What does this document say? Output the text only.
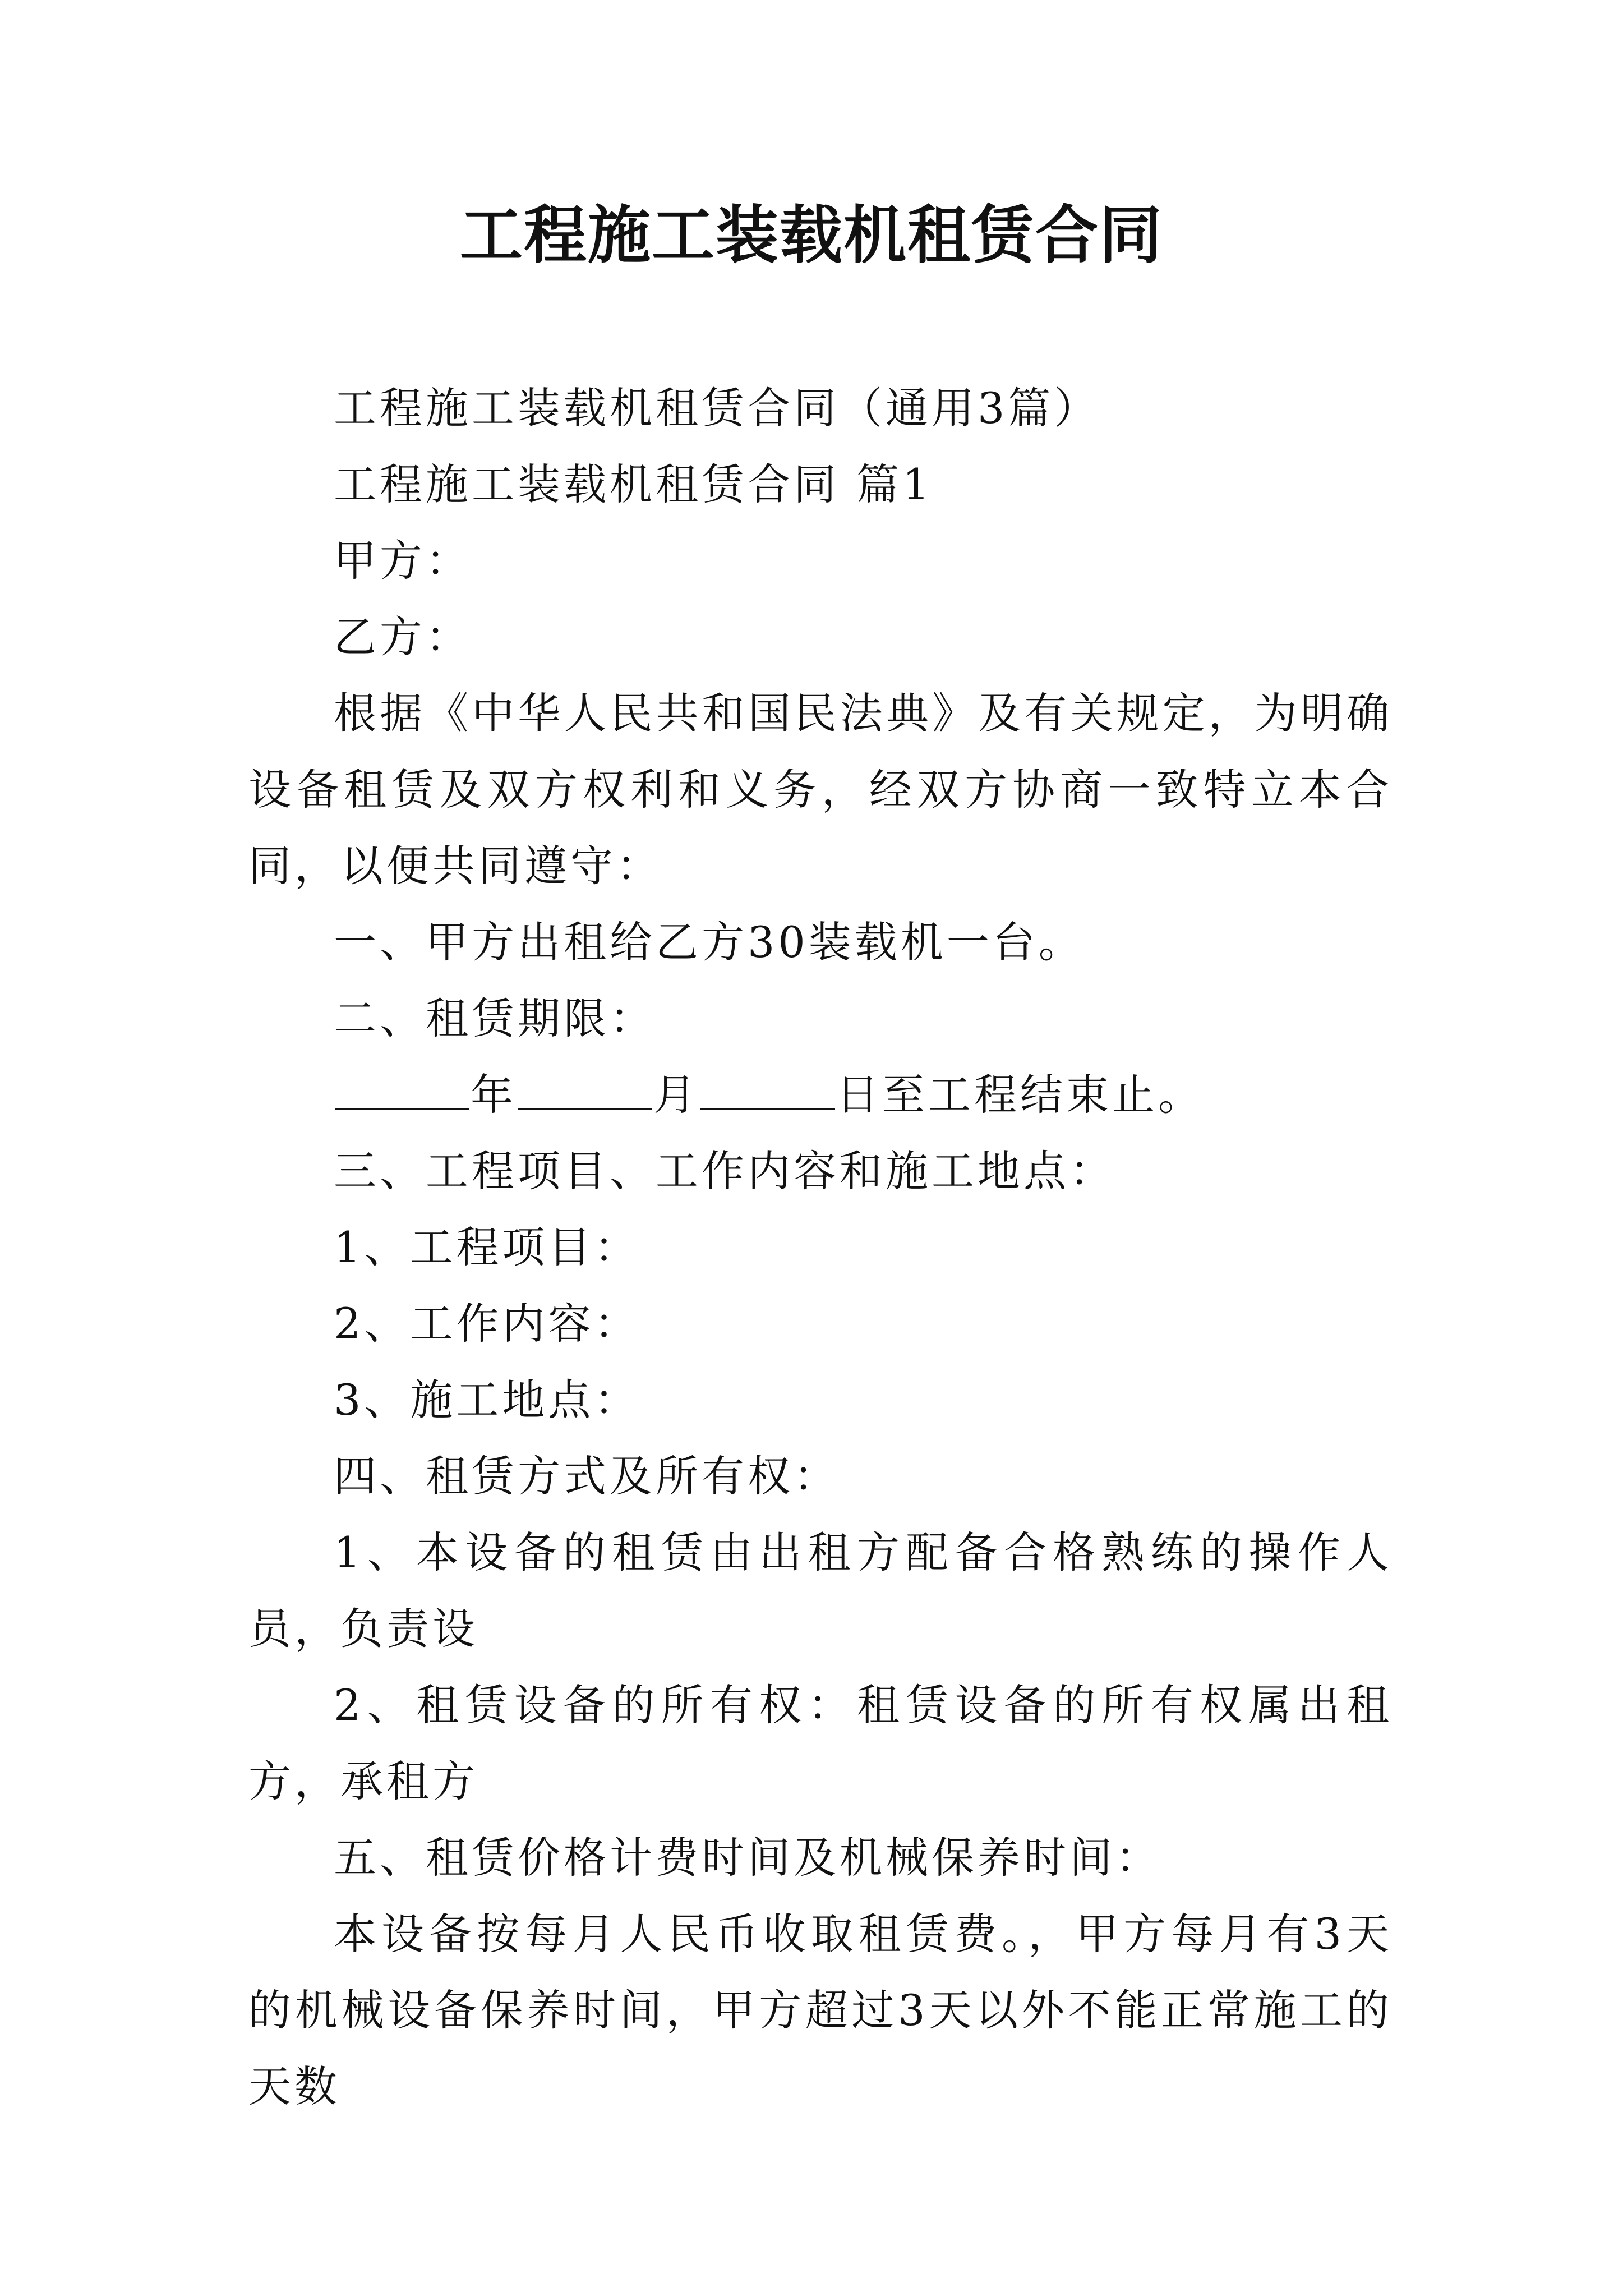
工程施工装载机租赁合同

工程施工装载机租赁合同（通用3篇）

工程施工装载机租赁合同 篇1

甲方：

乙方：

根据《中华人民共和国民法典》及有关规定，为明确设备租赁及双方权利和义务，经双方协商一致特立本合同，以便共同遵守：

一、甲方出租给乙方30装载机一台。

二、租赁期限：

年	月	日至工程结束止。

三、工程项目、工作内容和施工地点：

1、工程项目：

2、工作内容：

3、施工地点：

四、租赁方式及所有权：

1、本设备的租赁由出租方配备合格熟练的操作人员，负责设

2、租赁设备的所有权：租赁设备的所有权属出租方，承租方

五、租赁价格计费时间及机械保养时间：

本设备按每月人民币收取租赁费。，甲方每月有3天的机械设备保养时间，甲方超过3天以外不能正常施工的天数
